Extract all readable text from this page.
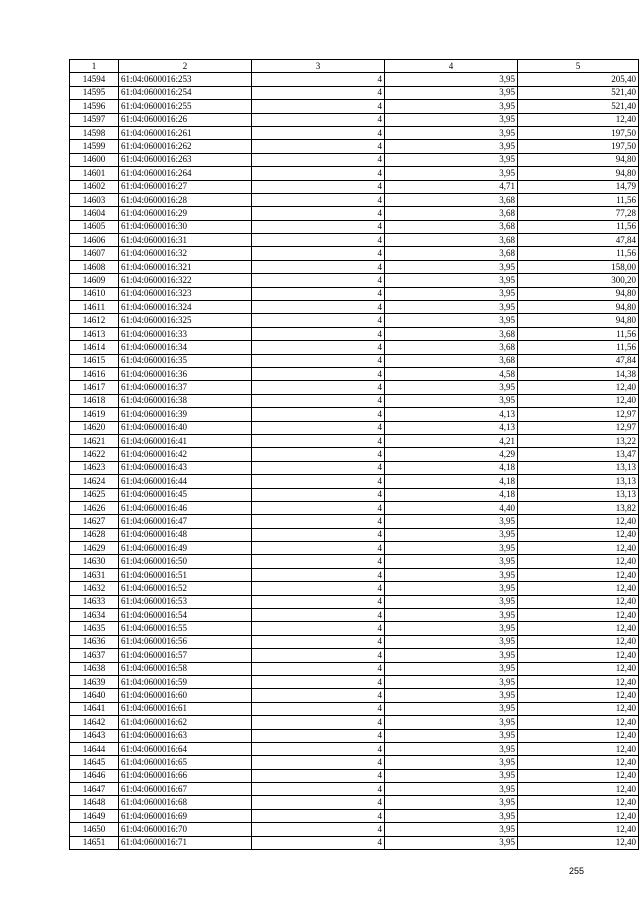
1	2	3	4	5
14594	61:04:0600016:253	4	3,95	205,40
14595	61:04:0600016:254	4	3,95	521,40
14596	61:04:0600016:255	4	3,95	521,40
14597	61:04:0600016:26	4	3,95	12,40
14598	61:04:0600016:261	4	3,95	197,50
14599	61:04:0600016:262	4	3,95	197,50
14600	61:04:0600016:263	4	3,95	94,80
14601	61:04:0600016:264	4	3,95	94,80
14602	61:04:0600016:27	4	4,71	14,79
14603	61:04:0600016:28	4	3,68	11,56
14604	61:04:0600016:29	4	3,68	77,28
14605	61:04:0600016:30	4	3,68	11,56
14606	61:04:0600016:31	4	3,68	47,84
14607	61:04:0600016:32	4	3,68	11,56
14608	61:04:0600016:321	4	3,95	158,00
14609	61:04:0600016:322	4	3,95	300,20
14610	61:04:0600016:323	4	3,95	94,80
14611	61:04:0600016:324	4	3,95	94,80
14612	61:04:0600016:325	4	3,95	94,80
14613	61:04:0600016:33	4	3,68	11,56
14614	61:04:0600016:34	4	3,68	11,56
14615	61:04:0600016:35	4	3,68	47,84
14616	61:04:0600016:36	4	4,58	14,38
14617	61:04:0600016:37	4	3,95	12,40
14618	61:04:0600016:38	4	3,95	12,40
14619	61:04:0600016:39	4	4,13	12,97
14620	61:04:0600016:40	4	4,13	12,97
14621	61:04:0600016:41	4	4,21	13,22
14622	61:04:0600016:42	4	4,29	13,47
14623	61:04:0600016:43	4	4,18	13,13
14624	61:04:0600016:44	4	4,18	13,13
14625	61:04:0600016:45	4	4,18	13,13
14626	61:04:0600016:46	4	4,40	13,82
14627	61:04:0600016:47	4	3,95	12,40
14628	61:04:0600016:48	4	3,95	12,40
14629	61:04:0600016:49	4	3,95	12,40
14630	61:04:0600016:50	4	3,95	12,40
14631	61:04:0600016:51	4	3,95	12,40
14632	61:04:0600016:52	4	3,95	12,40
14633	61:04:0600016:53	4	3,95	12,40
14634	61:04:0600016:54	4	3,95	12,40
14635	61:04:0600016:55	4	3,95	12,40
14636	61:04:0600016:56	4	3,95	12,40
14637	61:04:0600016:57	4	3,95	12,40
14638	61:04:0600016:58	4	3,95	12,40
14639	61:04:0600016:59	4	3,95	12,40
14640	61:04:0600016:60	4	3,95	12,40
14641	61:04:0600016:61	4	3,95	12,40
14642	61:04:0600016:62	4	3,95	12,40
14643	61:04:0600016:63	4	3,95	12,40
14644	61:04:0600016:64	4	3,95	12,40
14645	61:04:0600016:65	4	3,95	12,40
14646	61:04:0600016:66	4	3,95	12,40
14647	61:04:0600016:67	4	3,95	12,40
14648	61:04:0600016:68	4	3,95	12,40
14649	61:04:0600016:69	4	3,95	12,40
14650	61:04:0600016:70	4	3,95	12,40
14651	61:04:0600016:71	4	3,95	12,40
255
